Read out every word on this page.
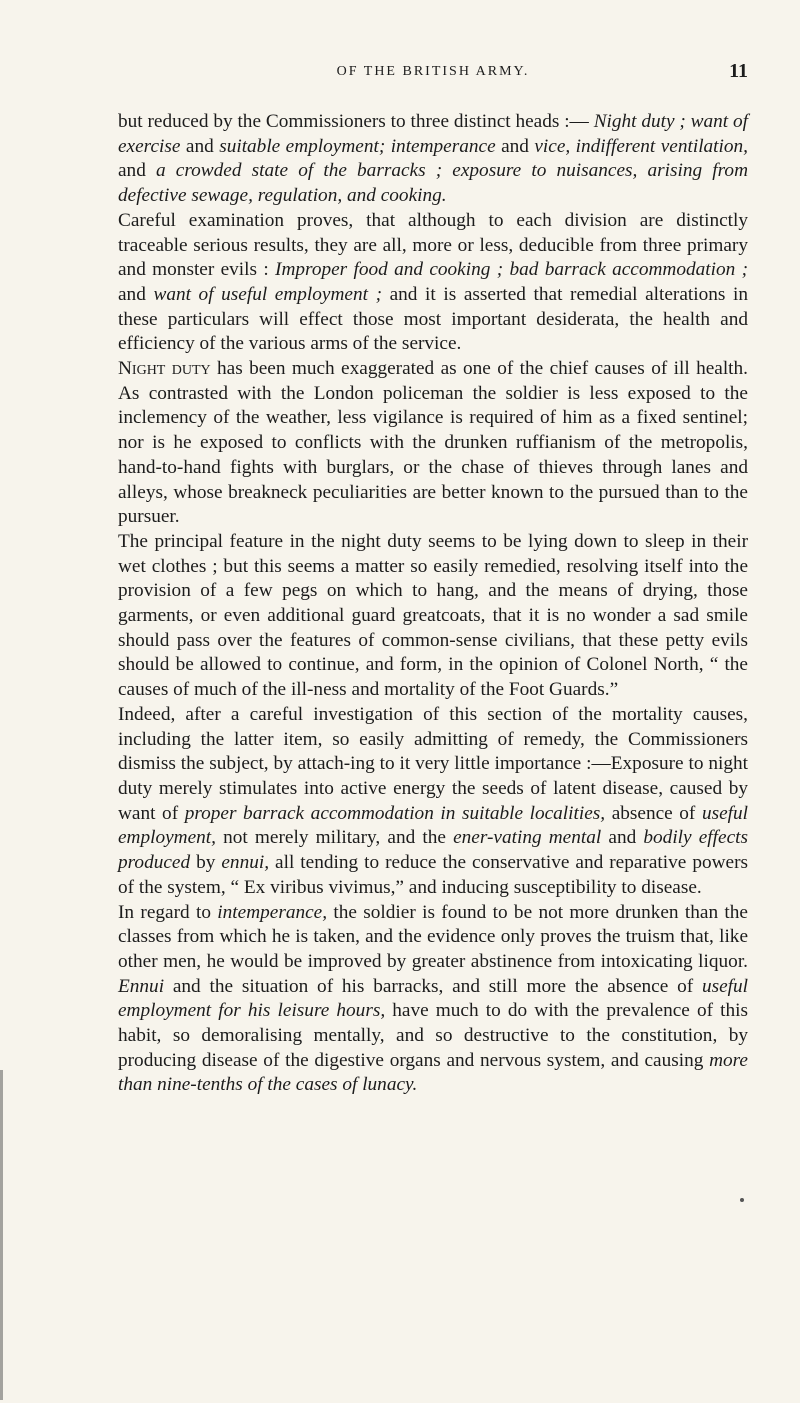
OF THE BRITISH ARMY.	11

but reduced by the Commissioners to three distinct heads :— Night duty ; want of exercise and suitable employment; intemperance and vice, indifferent ventilation, and a crowded state of the barracks ; exposure to nuisances, arising from defective sewage, regulation, and cooking.

Careful examination proves, that although to each division are distinctly traceable serious results, they are all, more or less, deducible from three primary and monster evils : Improper food and cooking ; bad barrack accommodation ; and want of useful employment ; and it is asserted that remedial alterations in these particulars will effect those most important desiderata, the health and efficiency of the various arms of the service.

Night duty has been much exaggerated as one of the chief causes of ill health. As contrasted with the London policeman the soldier is less exposed to the inclemency of the weather, less vigilance is required of him as a fixed sentinel; nor is he exposed to conflicts with the drunken ruffianism of the metropolis, hand-to-hand fights with burglars, or the chase of thieves through lanes and alleys, whose breakneck peculiarities are better known to the pursued than to the pursuer.

The principal feature in the night duty seems to be lying down to sleep in their wet clothes ; but this seems a matter so easily remedied, resolving itself into the provision of a few pegs on which to hang, and the means of drying, those garments, or even additional guard greatcoats, that it is no wonder a sad smile should pass over the features of common-sense civilians, that these petty evils should be allowed to continue, and form, in the opinion of Colonel North, “ the causes of much of the ill-ness and mortality of the Foot Guards.”

Indeed, after a careful investigation of this section of the mortality causes, including the latter item, so easily admitting of remedy, the Commissioners dismiss the subject, by attach-ing to it very little importance :—Exposure to night duty merely stimulates into active energy the seeds of latent disease, caused by want of proper barrack accommodation in suitable localities, absence of useful employment, not merely military, and the ener-vating mental and bodily effects produced by ennui, all tending to reduce the conservative and reparative powers of the system, “ Ex viribus vivimus,” and inducing susceptibility to disease.

In regard to intemperance, the soldier is found to be not more drunken than the classes from which he is taken, and the evidence only proves the truism that, like other men, he would be improved by greater abstinence from intoxicating liquor. Ennui and the situation of his barracks, and still more the absence of useful employment for his leisure hours, have much to do with the prevalence of this habit, so demoralising mentally, and so destructive to the constitution, by producing disease of the digestive organs and nervous system, and causing more than nine-tenths of the cases of lunacy.
